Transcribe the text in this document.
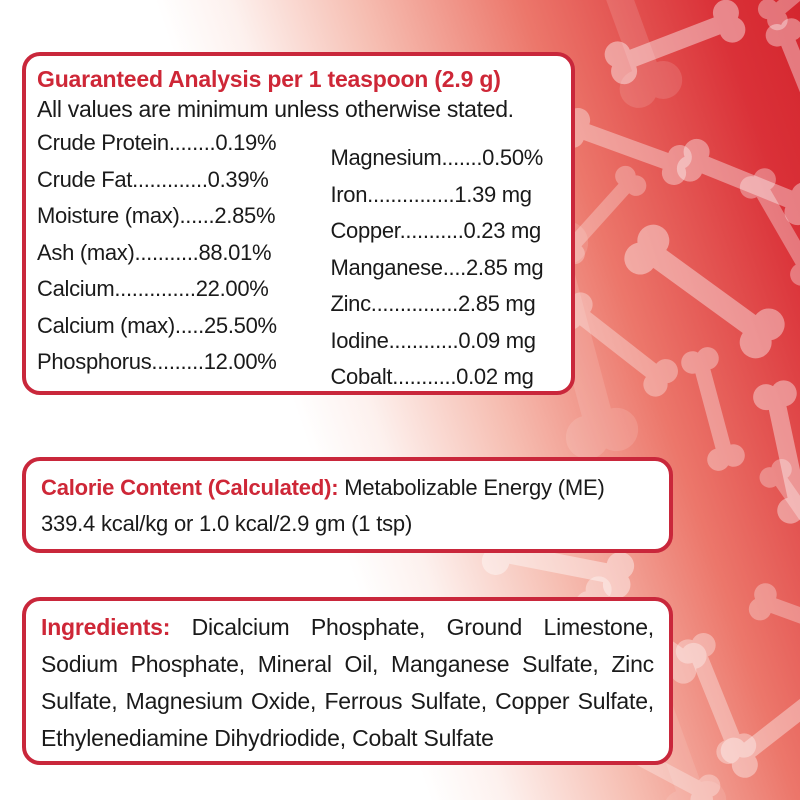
Guaranteed Analysis per 1 teaspoon (2.9 g)
All values are minimum unless otherwise stated.
Crude Protein........0.19%
Crude Fat.............0.39%
Moisture (max)......2.85%
Ash (max)...........88.01%
Calcium..............22.00%
Calcium (max).....25.50%
Phosphorus.........12.00%
Magnesium.......0.50%
Iron...............1.39 mg
Copper...........0.23 mg
Manganese....2.85 mg
Zinc...............2.85 mg
Iodine............0.09 mg
Cobalt...........0.02 mg
Calorie Content (Calculated): Metabolizable Energy (ME)
339.4 kcal/kg or 1.0 kcal/2.9 gm (1 tsp)
Ingredients: Dicalcium Phosphate, Ground Limestone, Sodium Phosphate, Mineral Oil, Manganese Sulfate, Zinc Sulfate, Magnesium Oxide, Ferrous Sulfate, Copper Sulfate, Ethylenediamine Dihydriodide, Cobalt Sulfate
